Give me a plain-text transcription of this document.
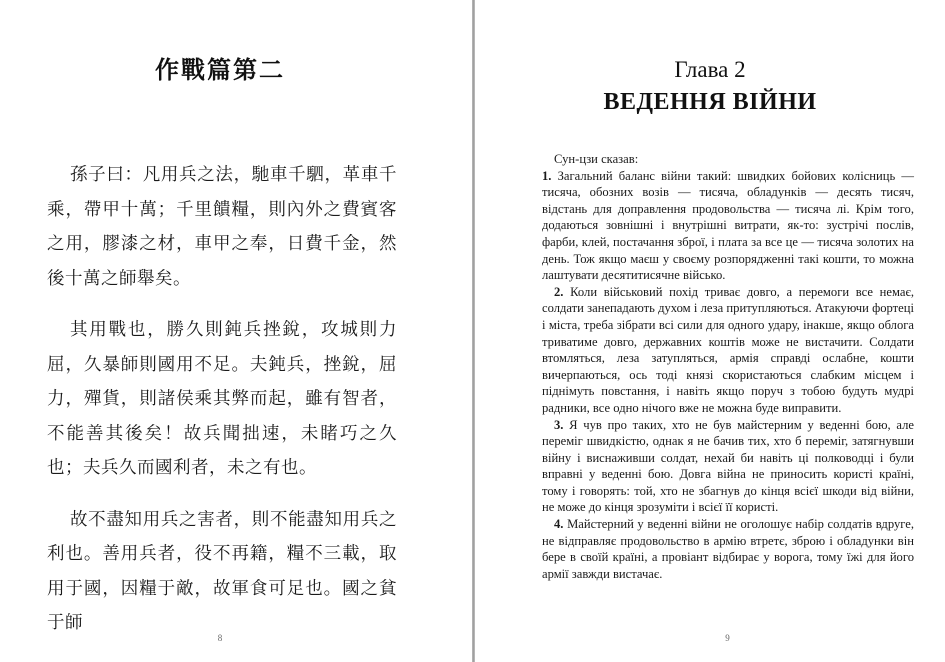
作戰篇第二

孫子曰：凡用兵之法，馳車千駟，革車千乘，帶甲十萬；千里饋糧，則內外之費賓客之用，膠漆之材，車甲之奉，日費千金，然後十萬之師舉矣。

其用戰也，勝久則鈍兵挫銳，攻城則力屈，久暴師則國用不足。夫鈍兵，挫銳，屈力，殫貨，則諸侯乘其弊而起，雖有智者，不能善其後矣！故兵聞拙速，未睹巧之久也；夫兵久而國利者，未之有也。

故不盡知用兵之害者，則不能盡知用兵之利也。善用兵者，役不再籍，糧不三載，取用于國，因糧于敵，故軍食可足也。國之貧于師

8
Глава 2
ВЕДЕННЯ ВІЙНИ

Сун-цзи сказав:

1. Загальний баланс війни такий: швидких бойових колісниць — тисяча, обозних возів — тисяча, обладунків — десять тисяч, відстань для доправлення продовольства — тисяча лі. Крім того, додаються зовнішні і внутрішні витрати, як-то: зустрічі послів, фарби, клей, постачання зброї, і плата за все це — тисяча золотих на день. Тож якщо маєш у своєму розпорядженні такі кошти, то можна лаштувати десятитисячне військо.

2. Коли військовий похід триває довго, а перемоги все немає, солдати занепадають духом і леза притупляються. Атакуючи фортеці і міста, треба зібрати всі сили для одного удару, інакше, якщо облога триватиме довго, державних коштів може не вистачити. Солдати втомляться, леза затупляться, армія справді ослабне, кошти вичерпаються, ось тоді князі скористаються слабким місцем і піднімуть повстання, і навіть якщо поруч з тобою будуть мудрі радники, все одно нічого вже не можна буде виправити.

3. Я чув про таких, хто не був майстерним у веденні бою, але переміг швидкістю, однак я не бачив тих, хто б переміг, затягнувши війну і виснаживши солдат, нехай би навіть ці полководці і були вправні у веденні бою. Довга війна не приносить користі країні, тому і говорять: той, хто не збагнув до кінця всієї шкоди від війни, не може до кінця зрозуміти і всієї її користі.

4. Майстерний у веденні війни не оголошує набір солдатів вдруге, не відправляє продовольство в армію втретє, зброю і обладунки він бере в своїй країні, а провіант відбирає у ворога, тому їжі для його армії завжди вистачає.

9
